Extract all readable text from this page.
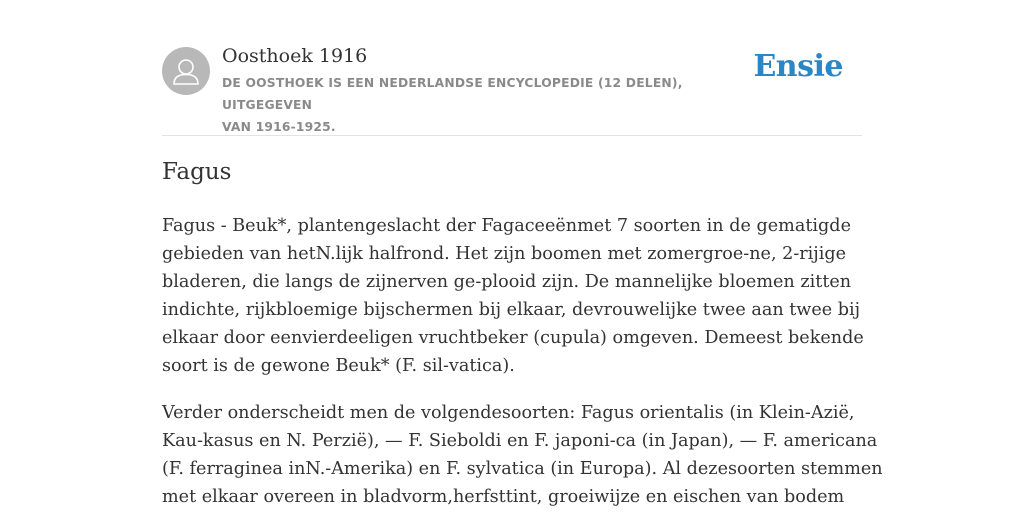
Oosthoek 1916
DE OOSTHOEK IS EEN NEDERLANDSE ENCYCLOPEDIE (12 DELEN), UITGEGEVEN
VAN 1916-1925.
Ensie
Fagus

Fagus - Beuk*, plantengeslacht der Fagaceeënmet 7 soorten in de gematigde
gebieden van hetN.lijk halfrond. Het zijn boomen met zomergroe-ne, 2-rijige
bladeren, die langs de zijnerven ge-plooid zijn. De mannelijke bloemen zitten
indichte, rijkbloemige bijschermen bij elkaar, devrouwelijke twee aan twee bij
elkaar door eenvierdeeligen vruchtbeker (cupula) omgeven. Demeest bekende
soort is de gewone Beuk* (F. sil-vatica).

Verder onderscheidt men de volgendesoorten: Fagus orientalis (in Klein-Azië,
Kau-kasus en N. Perzië), — F. Sieboldi en F. japoni-ca (in Japan), — F. americana
(F. ferraginea inN.-Amerika) en F. sylvatica (in Europa). Al dezesoorten stemmen
met elkaar overeen in bladvorm,herfsttint, groeiwijze en eischen van bodem
